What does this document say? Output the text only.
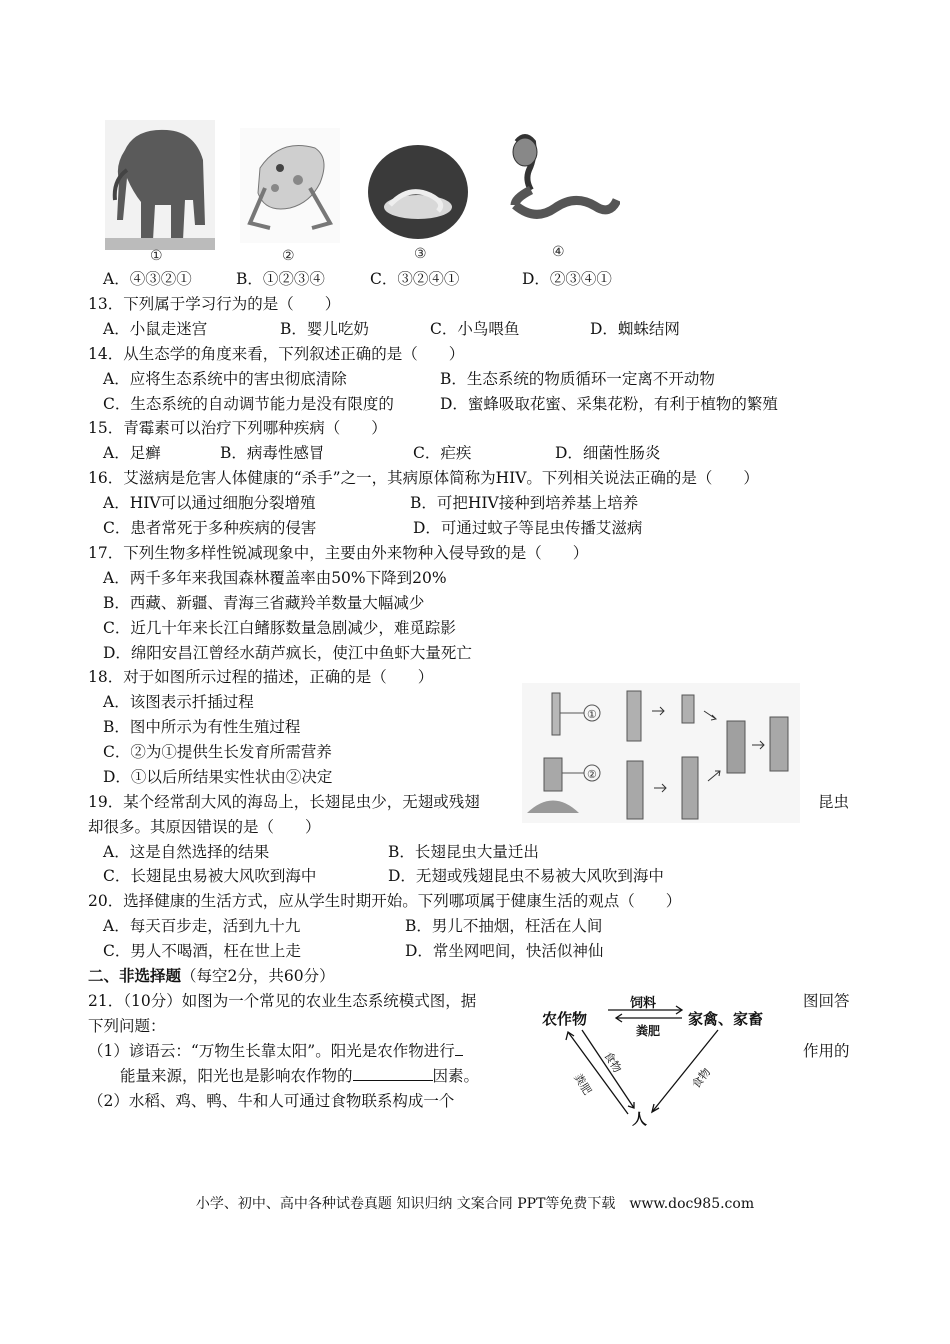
①	②	③	④
A．④③②①	B．①②③④	C．③②④①	D．②③④①
13．下列属于学习行为的是（　　）
A．小鼠走迷宫	B．婴儿吃奶	C．小鸟喂鱼	D．蜘蛛结网
14．从生态学的角度来看，下列叙述正确的是（　　）
A．应将生态系统中的害虫彻底清除	B．生态系统的物质循环一定离不开动物
C．生态系统的自动调节能力是没有限度的	D．蜜蜂吸取花蜜、采集花粉，有利于植物的繁殖
15．青霉素可以治疗下列哪种疾病（　　）
A．足癣	B．病毒性感冒	C．疟疾	D．细菌性肠炎
16．艾滋病是危害人体健康的“杀手”之一，其病原体简称为HIV。下列相关说法正确的是（　　）
A．HIV可以通过细胞分裂增殖	B．可把HIV接种到培养基上培养
C．患者常死于多种疾病的侵害	D．可通过蚊子等昆虫传播艾滋病
17．下列生物多样性锐减现象中，主要由外来物种入侵导致的是（　　）
A．两千多年来我国森林覆盖率由50%下降到20%
B．西藏、新疆、青海三省藏羚羊数量大幅减少
C．近几十年来长江白鳍豚数量急剧减少，难觅踪影
D．绵阳安昌江曾经水葫芦疯长，使江中鱼虾大量死亡
18．对于如图所示过程的描述，正确的是（　　）
A．该图表示扦插过程
B．图中所示为有性生殖过程
C．②为①提供生长发育所需营养
D．①以后所结果实性状由②决定
①
②
19．某个经常刮大风的海岛上，长翅昆虫少，无翅或残翅	昆虫
却很多。其原因错误的是（　　）
A．这是自然选择的结果	B．长翅昆虫大量迁出
C．长翅昆虫易被大风吹到海中	D．无翅或残翅昆虫不易被大风吹到海中
20．选择健康的生活方式，应从学生时期开始。下列哪项属于健康生活的观点（　　）
A．每天百步走，活到九十九	B．男儿不抽烟，枉活在人间
C．男人不喝酒，枉在世上走	D．常坐网吧间，快活似神仙
二、非选择题（每空2分，共60分）
21．（10分）如图为一个常见的农业生态系统模式图，据	图回答
下列问题：
（1）谚语云：“万物生长靠太阳”。阳光是农作物进行	作用的
能量来源，阳光也是影响农作物的	因素。
（2）水稻、鸡、鸭、牛和人可通过食物联系构成一个
农作物	家禽、家畜
人
饲料
粪肥
食物
粪肥	食物
小学、初中、高中各种试卷真题 知识归纳 文案合同 PPT等免费下载　www.doc985.com
